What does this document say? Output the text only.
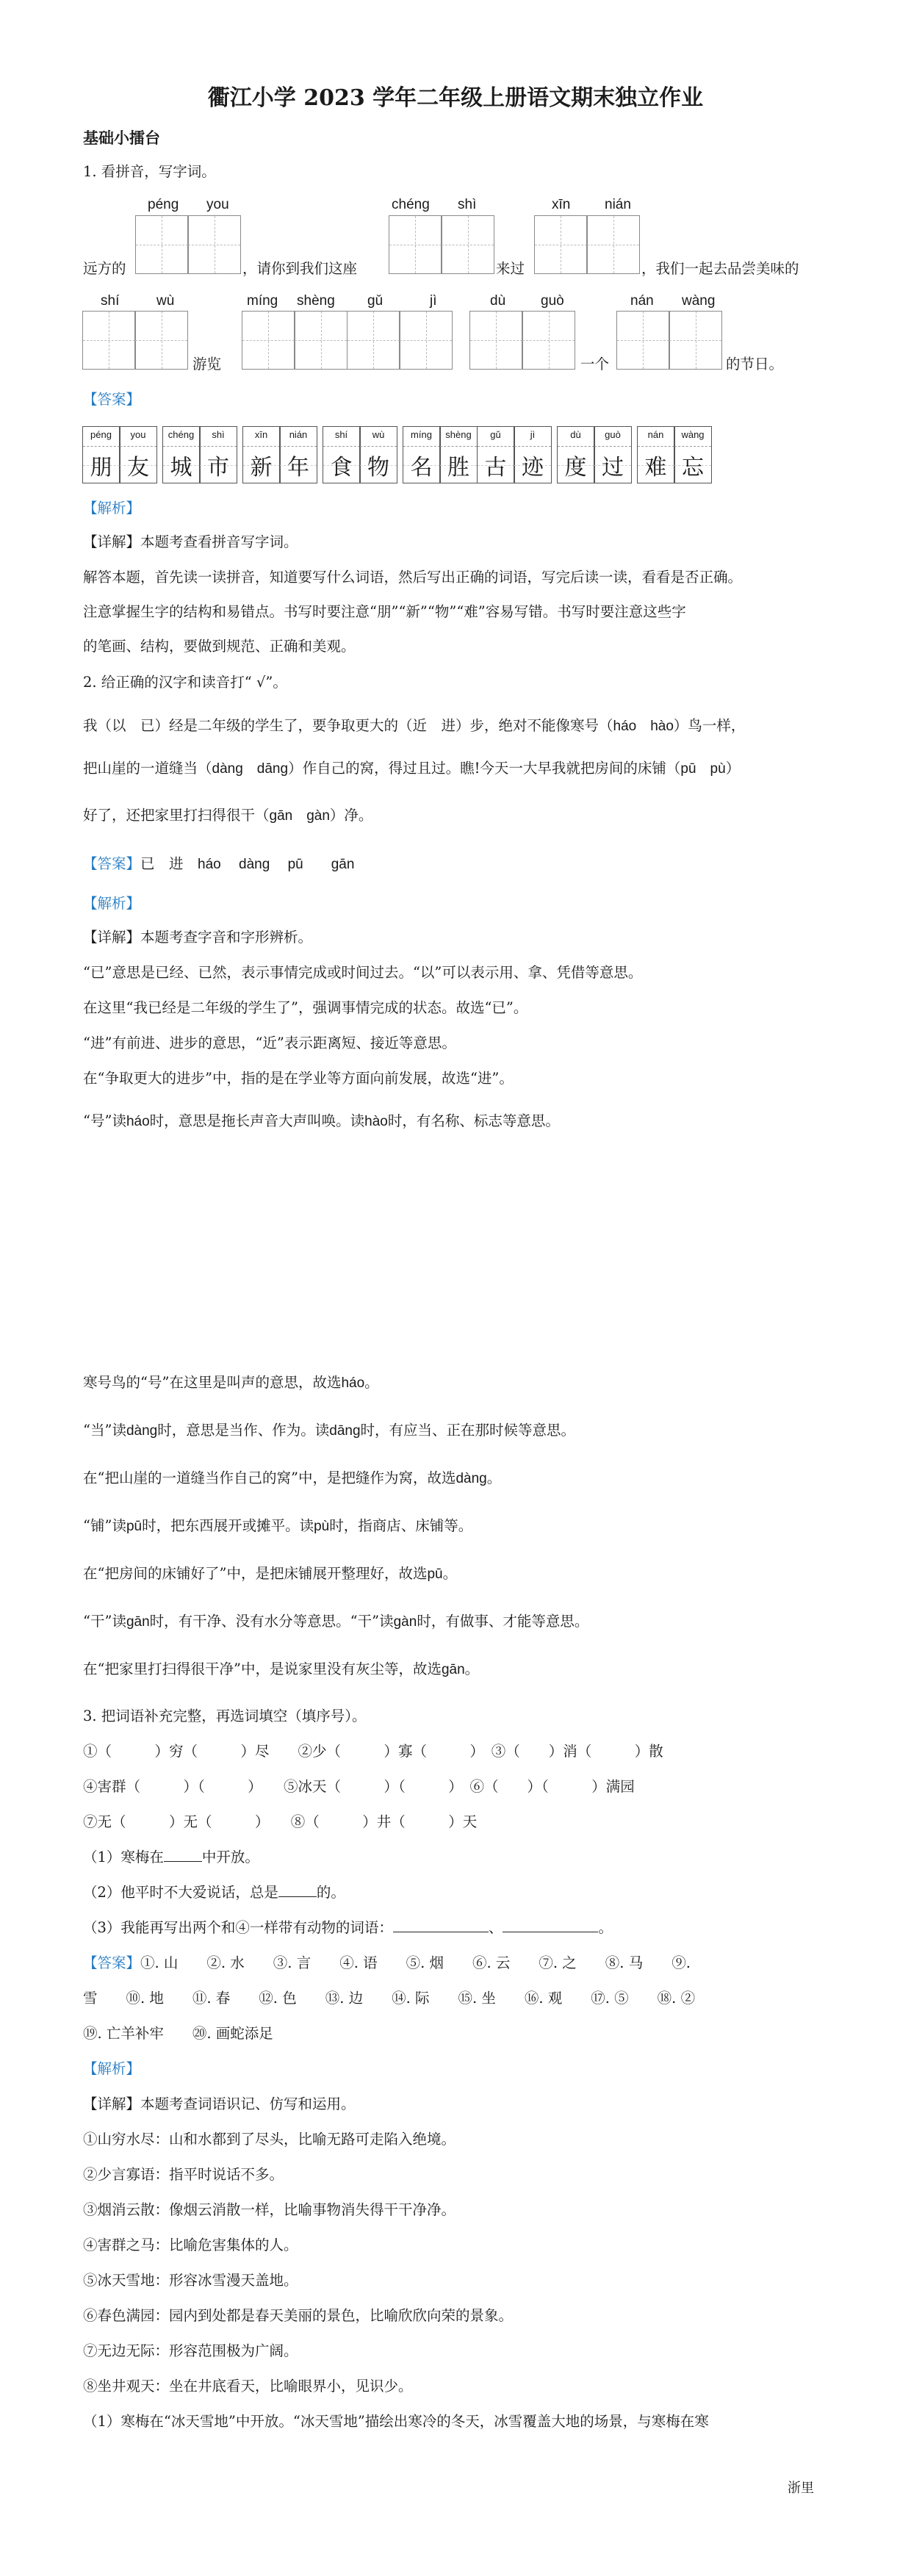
衢江小学 2023 学年二年级上册语文期末独立作业
基础小擂台
1. 看拼音，写字词。
péng you	chéng shì	xīn nián
远方的	，请你到我们这座	来过	，我们一起去品尝美味的
shí	wù	míng shèng gǔ	jì	dù	guò	nán wàng
游览	一个	的节日。
【答案】
péng
朋
you
友
chéng
城
shì
市
xīn
新
nián
年
shí
食
wù
物
míng
名
shèng
胜
gǔ
古
jì
迹
dù
度
guò
过
nán
难
wàng
忘
【解析】
【详解】本题考查看拼音写字词。
解答本题，首先读一读拼音，知道要写什么词语，然后写出正确的词语，写完后读一读，看看是否正确。
注意掌握生字的结构和易错点。书写时要注意“朋”“新”“物”“难”容易写错。书写时要注意这些字
的笔画、结构，要做到规范、正确和美观。
2. 给正确的汉字和读音打“ √”。
我（以　已）经是二年级的学生了，要争取更大的（近　进）步，绝对不能像寒号（háo　hào）鸟一样，
把山崖的一道缝当（dàng　dāng）作自己的窝，得过且过。瞧!今天一大早我就把房间的床铺（pū　pù）
好了，还把家里打扫得很干（gān　gàn）净。
【答案】已　进　 háo　 dàng　 pū　　gān
【解析】
【详解】本题考查字音和字形辨析。
“已”意思是已经、已然，表示事情完成或时间过去。“以”可以表示用、拿、凭借等意思。
在这里“我已经是二年级的学生了”，强调事情完成的状态。故选“已”。
“进”有前进、进步的意思，“近”表示距离短、接近等意思。
在“争取更大的进步”中，指的是在学业等方面向前发展，故选“进”。
“号”读háo时，意思是拖长声音大声叫唤。读hào时，有名称、标志等意思。
寒号鸟的“号”在这里是叫声的意思，故选háo。
“当”读dàng时，意思是当作、作为。读dāng时，有应当、正在那时候等意思。
在“把山崖的一道缝当作自己的窝”中，是把缝作为窝，故选dàng。
“铺”读pū时，把东西展开或摊平。读pù时，指商店、床铺等。
在“把房间的床铺好了”中，是把床铺展开整理好，故选pū。
“干”读gān时，有干净、没有水分等意思。“干”读gàn时，有做事、才能等意思。
在“把家里打扫得很干净”中，是说家里没有灰尘等，故选gān。
3. 把词语补充完整，再选词填空（填序号）。
①（　　　）穷（　　　）尽　　②少（　　　）寡（　　　）　③（　　）消（　　　）散
④害群（　　　）（　　　）　　⑤冰天（　　　）（　　　）　⑥（　　）（　　　）满园
⑦无（　　　）无（　　　）　　⑧（　　　）井（　　　）天
（1）寒梅在	中开放。
（2）他平时不大爱说话，总是	的。
（3）我能再写出两个和④一样带有动物的词语：	、	。
【答案】①. 山　　②. 水　　③. 言　　④. 语　　⑤. 烟　　⑥. 云　　⑦. 之　　⑧. 马　　⑨.
雪　　⑩. 地　　⑪. 春　　⑫. 色　　⑬. 边　　⑭. 际　　⑮. 坐　　⑯. 观　　⑰. ⑤　　⑱. ②
⑲. 亡羊补牢　　⑳. 画蛇添足
【解析】
【详解】本题考查词语识记、仿写和运用。
①山穷水尽：山和水都到了尽头，比喻无路可走陷入绝境。
②少言寡语：指平时说话不多。
③烟消云散：像烟云消散一样，比喻事物消失得干干净净。
④害群之马：比喻危害集体的人。
⑤冰天雪地：形容冰雪漫天盖地。
⑥春色满园：园内到处都是春天美丽的景色，比喻欣欣向荣的景象。
⑦无边无际：形容范围极为广阔。
⑧坐井观天：坐在井底看天，比喻眼界小，见识少。
（1）寒梅在“冰天雪地”中开放。“冰天雪地”描绘出寒冷的冬天，冰雪覆盖大地的场景，与寒梅在寒
浙里
